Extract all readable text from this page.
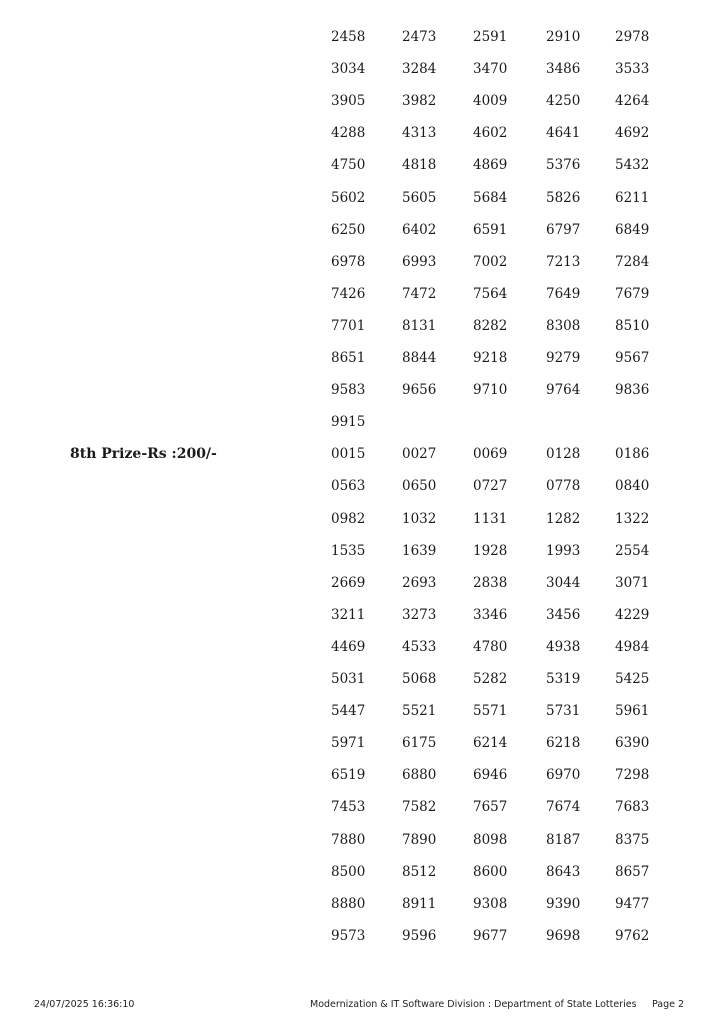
2458	2473	2591	2910	2978
3034	3284	3470	3486	3533
3905	3982	4009	4250	4264
4288	4313	4602	4641	4692
4750	4818	4869	5376	5432
5602	5605	5684	5826	6211
6250	6402	6591	6797	6849
6978	6993	7002	7213	7284
7426	7472	7564	7649	7679
7701	8131	8282	8308	8510
8651	8844	9218	9279	9567
9583	9656	9710	9764	9836
9915
8th Prize-Rs :200/-	0015	0027	0069	0128	0186
0563	0650	0727	0778	0840
0982	1032	1131	1282	1322
1535	1639	1928	1993	2554
2669	2693	2838	3044	3071
3211	3273	3346	3456	4229
4469	4533	4780	4938	4984
5031	5068	5282	5319	5425
5447	5521	5571	5731	5961
5971	6175	6214	6218	6390
6519	6880	6946	6970	7298
7453	7582	7657	7674	7683
7880	7890	8098	8187	8375
8500	8512	8600	8643	8657
8880	8911	9308	9390	9477
9573	9596	9677	9698	9762
24/07/2025 16:36:10	Modernization & IT Software Division : Department of State Lotteries Page 2
